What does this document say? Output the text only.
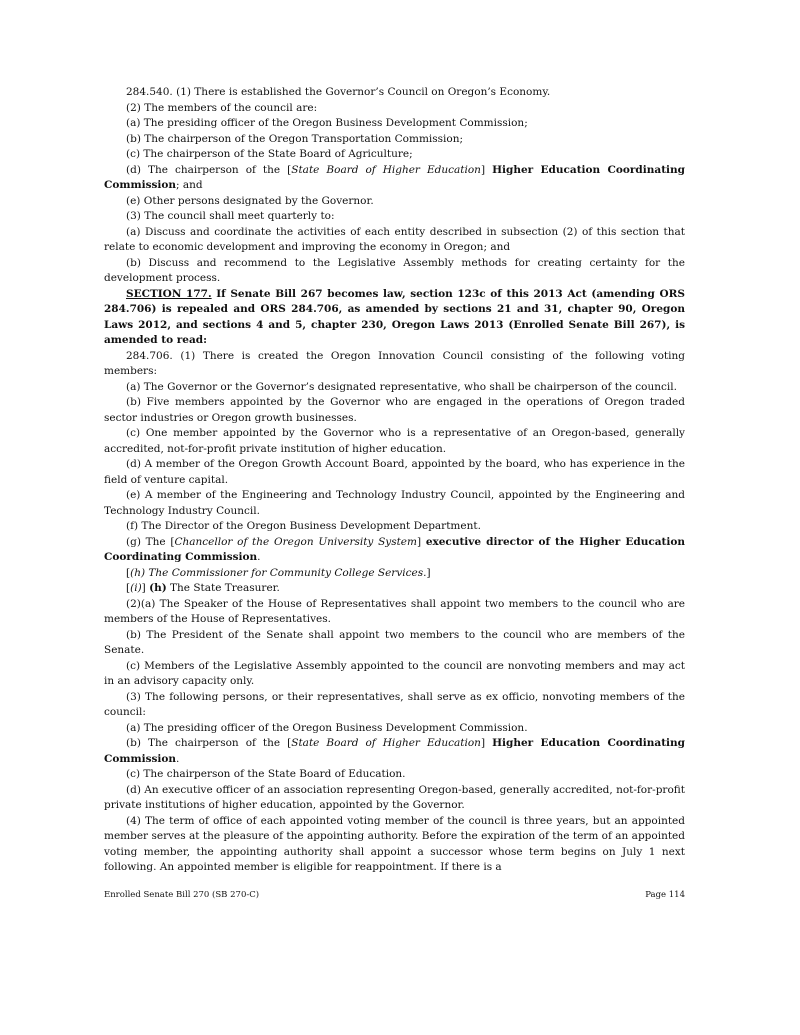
284.540. (1) There is established the Governor’s Council on Oregon’s Economy.

(2) The members of the council are:

(a) The presiding officer of the Oregon Business Development Commission;

(b) The chairperson of the Oregon Transportation Commission;

(c) The chairperson of the State Board of Agriculture;

(d) The chairperson of the [State Board of Higher Education] Higher Education Coordinating Commission; and

(e) Other persons designated by the Governor.

(3) The council shall meet quarterly to:

(a) Discuss and coordinate the activities of each entity described in subsection (2) of this section that relate to economic development and improving the economy in Oregon; and

(b) Discuss and recommend to the Legislative Assembly methods for creating certainty for the development process.

SECTION 177. If Senate Bill 267 becomes law, section 123c of this 2013 Act (amending ORS 284.706) is repealed and ORS 284.706, as amended by sections 21 and 31, chapter 90, Oregon Laws 2012, and sections 4 and 5, chapter 230, Oregon Laws 2013 (Enrolled Senate Bill 267), is amended to read:

284.706. (1) There is created the Oregon Innovation Council consisting of the following voting members:

(a) The Governor or the Governor’s designated representative, who shall be chairperson of the council.

(b) Five members appointed by the Governor who are engaged in the operations of Oregon traded sector industries or Oregon growth businesses.

(c) One member appointed by the Governor who is a representative of an Oregon-based, generally accredited, not-for-profit private institution of higher education.

(d) A member of the Oregon Growth Account Board, appointed by the board, who has experience in the field of venture capital.

(e) A member of the Engineering and Technology Industry Council, appointed by the Engineering and Technology Industry Council.

(f) The Director of the Oregon Business Development Department.

(g) The [Chancellor of the Oregon University System] executive director of the Higher Education Coordinating Commission.

[(h) The Commissioner for Community College Services.]

[(i)] (h) The State Treasurer.

(2)(a) The Speaker of the House of Representatives shall appoint two members to the council who are members of the House of Representatives.

(b) The President of the Senate shall appoint two members to the council who are members of the Senate.

(c) Members of the Legislative Assembly appointed to the council are nonvoting members and may act in an advisory capacity only.

(3) The following persons, or their representatives, shall serve as ex officio, nonvoting members of the council:

(a) The presiding officer of the Oregon Business Development Commission.

(b) The chairperson of the [State Board of Higher Education] Higher Education Coordinating Commission.

(c) The chairperson of the State Board of Education.

(d) An executive officer of an association representing Oregon-based, generally accredited, not-for-profit private institutions of higher education, appointed by the Governor.

(4) The term of office of each appointed voting member of the council is three years, but an appointed member serves at the pleasure of the appointing authority. Before the expiration of the term of an appointed voting member, the appointing authority shall appoint a successor whose term begins on July 1 next following. An appointed member is eligible for reappointment. If there is a

Enrolled Senate Bill 270 (SB 270-C)	Page 114
